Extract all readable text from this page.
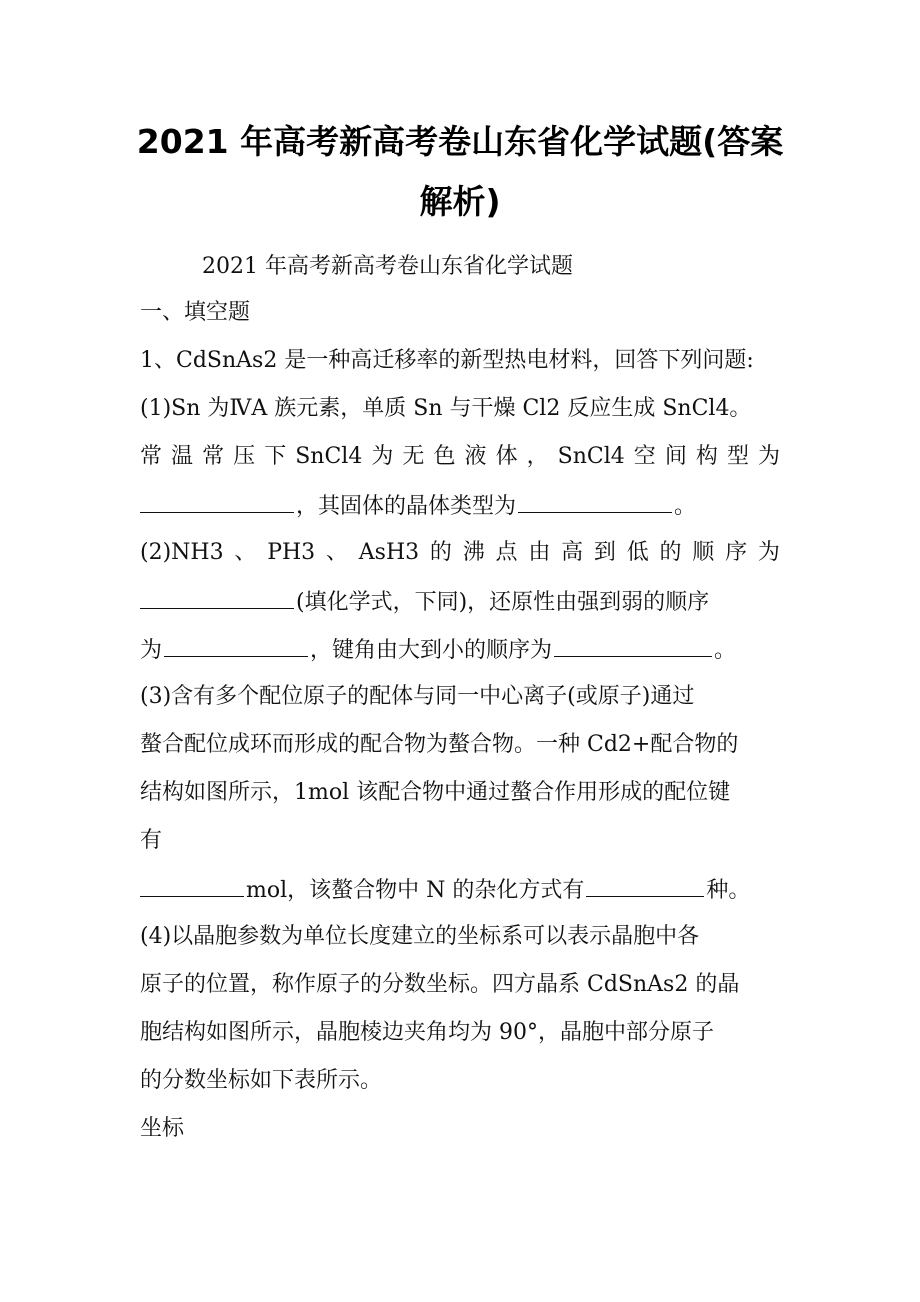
2021 年高考新高考卷山东省化学试题(答案
解析)

2021 年高考新高考卷山东省化学试题

一、填空题

1、CdSnAs2 是一种高迁移率的新型热电材料，回答下列问题:

(1)Sn 为ⅣA 族元素，单质 Sn 与干燥 Cl2 反应生成 SnCl4。

常 温 常 压 下 SnCl4 为 无 色 液 体 ， SnCl4 空 间 构 型 为

，其固体的晶体类型为	。

(2)NH3 、 PH3 、 AsH3 的 沸 点 由 高 到 低 的 顺 序 为

(填化学式，下同)，还原性由强到弱的顺序

为	，键角由大到小的顺序为	。

(3)含有多个配位原子的配体与同一中心离子(或原子)通过

螯合配位成环而形成的配合物为螯合物。一种 Cd2+配合物的

结构如图所示，1mol 该配合物中通过螯合作用形成的配位键

有

mol，该螯合物中 N 的杂化方式有	种。

(4)以晶胞参数为单位长度建立的坐标系可以表示晶胞中各

原子的位置，称作原子的分数坐标。四方晶系 CdSnAs2 的晶

胞结构如图所示，晶胞棱边夹角均为 90°，晶胞中部分原子

的分数坐标如下表所示。

坐标
